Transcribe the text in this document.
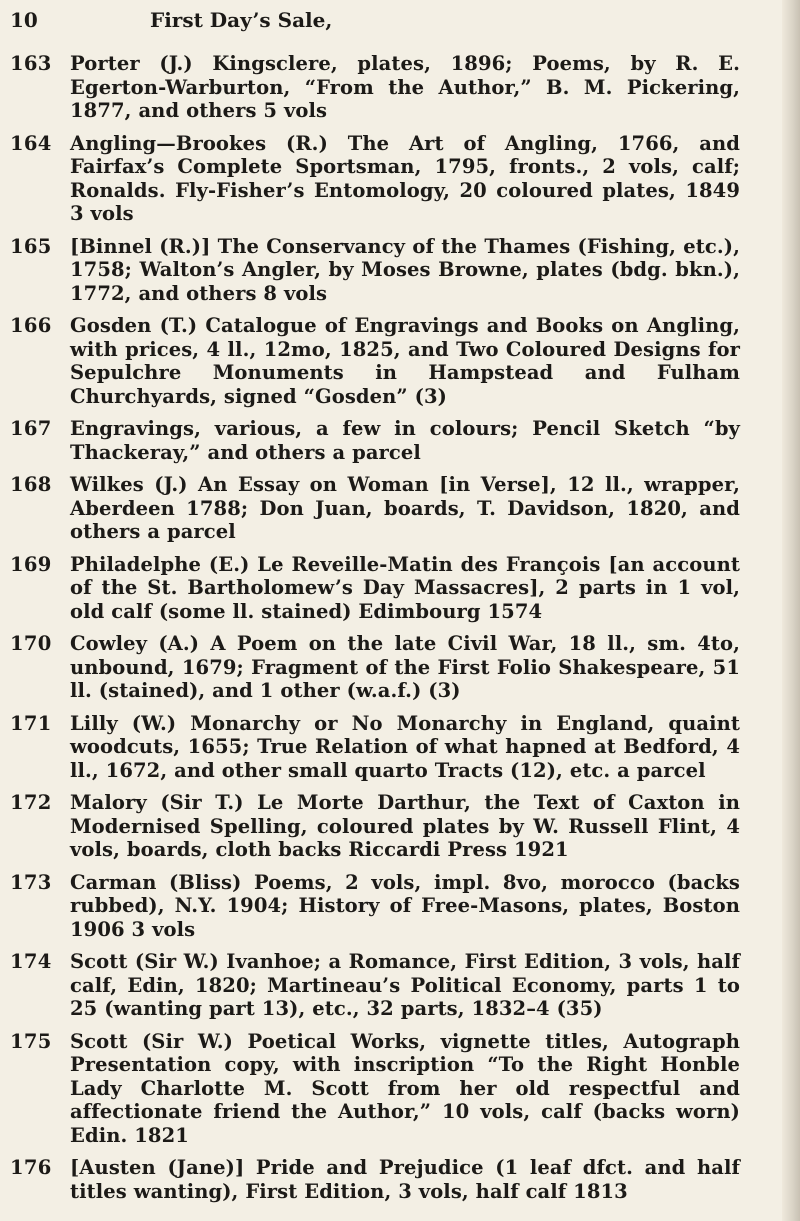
10	First Day’s Sale,
163 Porter (J.) Kingsclere, plates, 1896; Poems, by R. E. Egerton-Warburton, “From the Author,” B. M. Pickering, 1877, and others 5 vols
164 Angling—Brookes (R.) The Art of Angling, 1766, and Fairfax’s Complete Sportsman, 1795, fronts., 2 vols, calf; Ronalds. Fly-Fisher’s Entomology, 20 coloured plates, 1849 3 vols
165 [Binnel (R.)] The Conservancy of the Thames (Fishing, etc.), 1758; Walton’s Angler, by Moses Browne, plates (bdg. bkn.), 1772, and others 8 vols
166 Gosden (T.) Catalogue of Engravings and Books on Angling, with prices, 4 ll., 12mo, 1825, and Two Coloured Designs for Sepulchre Monuments in Hampstead and Fulham Churchyards, signed “Gosden” (3)
167 Engravings, various, a few in colours; Pencil Sketch “by Thackeray,” and others a parcel
168 Wilkes (J.) An Essay on Woman [in Verse], 12 ll., wrapper, Aberdeen 1788; Don Juan, boards, T. Davidson, 1820, and others a parcel
169 Philadelphe (E.) Le Reveille-Matin des François [an account of the St. Bartholomew’s Day Massacres], 2 parts in 1 vol, old calf (some ll. stained) Edimbourg 1574
170 Cowley (A.) A Poem on the late Civil War, 18 ll., sm. 4to, unbound, 1679; Fragment of the First Folio Shakespeare, 51 ll. (stained), and 1 other (w.a.f.) (3)
171 Lilly (W.) Monarchy or No Monarchy in England, quaint woodcuts, 1655; True Relation of what hapned at Bedford, 4 ll., 1672, and other small quarto Tracts (12), etc. a parcel
172 Malory (Sir T.) Le Morte Darthur, the Text of Caxton in Modernised Spelling, coloured plates by W. Russell Flint, 4 vols, boards, cloth backs Riccardi Press 1921
173 Carman (Bliss) Poems, 2 vols, impl. 8vo, morocco (backs rubbed), N.Y. 1904; History of Free-Masons, plates, Boston 1906 3 vols
174 Scott (Sir W.) Ivanhoe; a Romance, First Edition, 3 vols, half calf, Edin, 1820; Martineau’s Political Economy, parts 1 to 25 (wanting part 13), etc., 32 parts, 1832–4 (35)
175 Scott (Sir W.) Poetical Works, vignette titles, Autograph Presentation copy, with inscription “To the Right Honble Lady Charlotte M. Scott from her old respectful and affectionate friend the Author,” 10 vols, calf (backs worn) Edin. 1821
176 [Austen (Jane)] Pride and Prejudice (1 leaf dfct. and half titles wanting), First Edition, 3 vols, half calf 1813
